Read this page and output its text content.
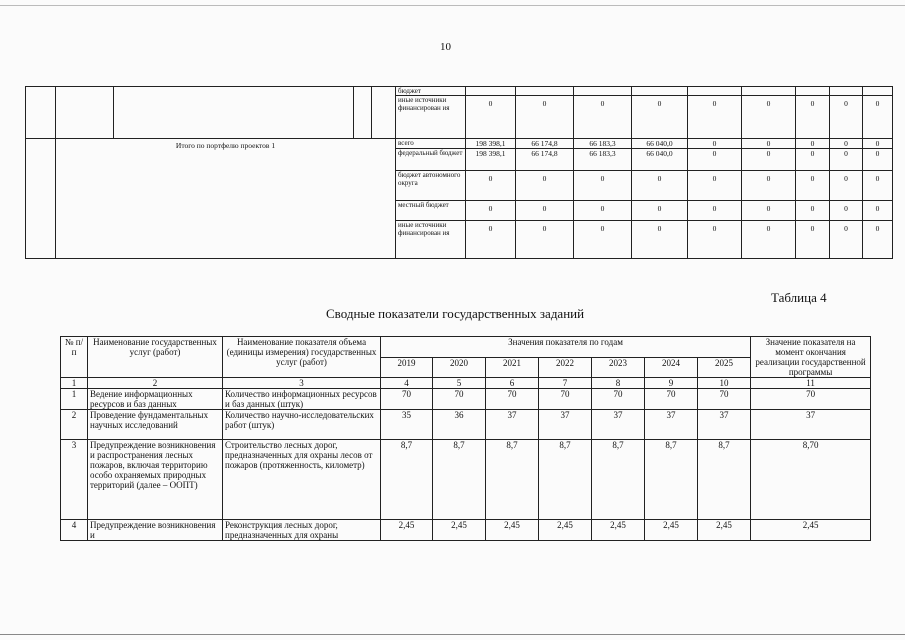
10
					бюджет									
					иные источники финансирован ия	0	0	0	0	0	0	0	0	0
	Итого по портфелю проектов 1				всего	198 398,1	66 174,8	66 183,3	66 040,0	0	0	0	0	0
					федеральный бюджет	198 398,1	66 174,8	66 183,3	66 040,0	0	0	0	0	0
					бюджет автономного округа	0	0	0	0	0	0	0	0	0
					местный бюджет	0	0	0	0	0	0	0	0	0
					иные источники финансирован ия	0	0	0	0	0	0	0	0	0
Таблица 4
Сводные показатели государственных заданий
№ п/п	Наименование государственных услуг (работ)	Наименование показателя объема (единицы измерения) государственных услуг (работ)	Значения показателя по годам							Значение показателя на момент окончания реализации государственной программы
			2019	2020	2021	2022	2023	2024	2025	
1	2	3	4	5	6	7	8	9	10	11
1	Ведение информационных ресурсов и баз данных	Количество информационных ресурсов и баз данных (штук)	70	70	70	70	70	70	70	70
2	Проведение фундаментальных научных исследований	Количество научно-исследовательских работ (штук)	35	36	37	37	37	37	37	37
3	Предупреждение возникновения и распространения лесных пожаров, включая территорию особо охраняемых природных территорий (далее – ООПТ)	Строительство лесных дорог, предназначенных для охраны лесов от пожаров (протяженность, километр)	8,7	8,7	8,7	8,7	8,7	8,7	8,7	8,70
4	Предупреждение возникновения и	Реконструкция лесных дорог, предназначенных для охраны	2,45	2,45	2,45	2,45	2,45	2,45	2,45	2,45
